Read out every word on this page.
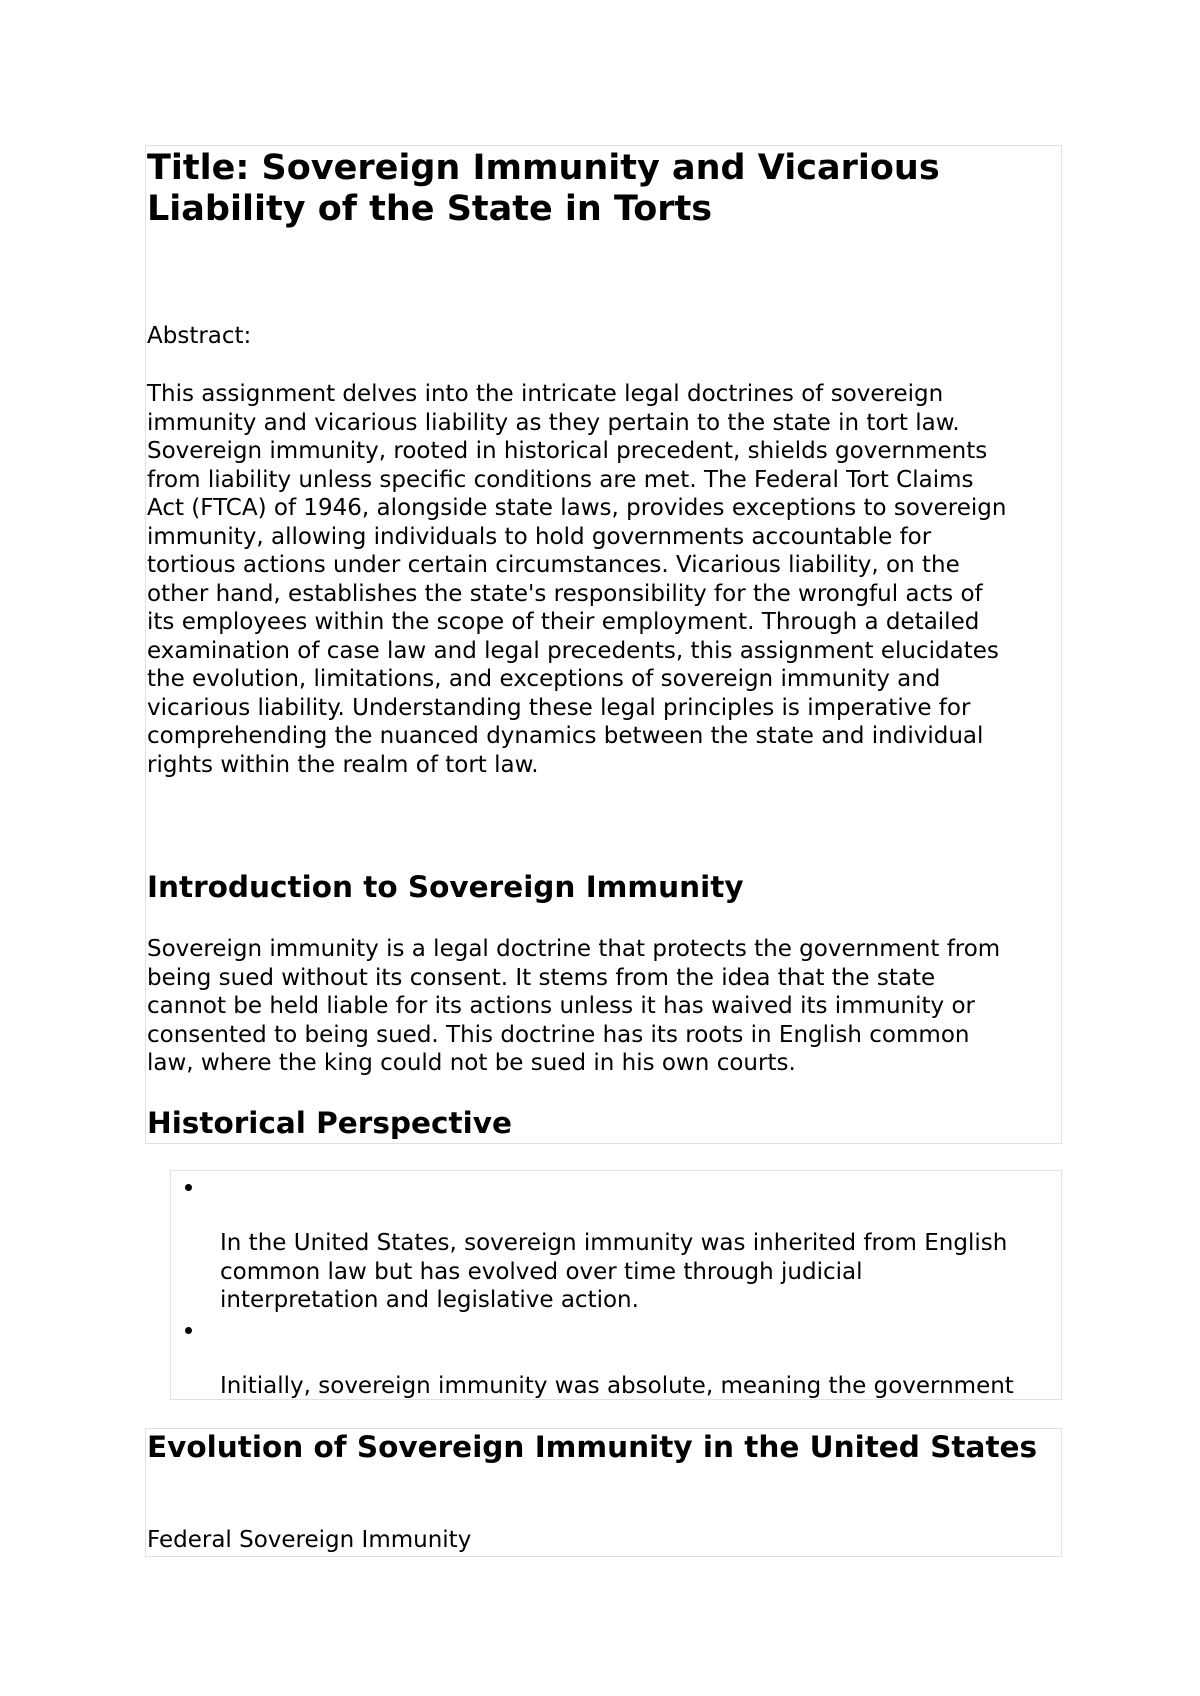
Title: Sovereign Immunity and Vicarious Liability of the State in Torts

Abstract:

This assignment delves into the intricate legal doctrines of sovereign
immunity and vicarious liability as they pertain to the state in tort law.
Sovereign immunity, rooted in historical precedent, shields governments
from liability unless specific conditions are met. The Federal Tort Claims
Act (FTCA) of 1946, alongside state laws, provides exceptions to sovereign
immunity, allowing individuals to hold governments accountable for
tortious actions under certain circumstances. Vicarious liability, on the
other hand, establishes the state's responsibility for the wrongful acts of
its employees within the scope of their employment. Through a detailed
examination of case law and legal precedents, this assignment elucidates
the evolution, limitations, and exceptions of sovereign immunity and
vicarious liability. Understanding these legal principles is imperative for
comprehending the nuanced dynamics between the state and individual
rights within the realm of tort law.

Introduction to Sovereign Immunity

Sovereign immunity is a legal doctrine that protects the government from
being sued without its consent. It stems from the idea that the state
cannot be held liable for its actions unless it has waived its immunity or
consented to being sued. This doctrine has its roots in English common
law, where the king could not be sued in his own courts.

Historical Perspective

In the United States, sovereign immunity was inherited from English
common law but has evolved over time through judicial
interpretation and legislative action.

Initially, sovereign immunity was absolute, meaning the government

Evolution of Sovereign Immunity in the United States

Federal Sovereign Immunity
